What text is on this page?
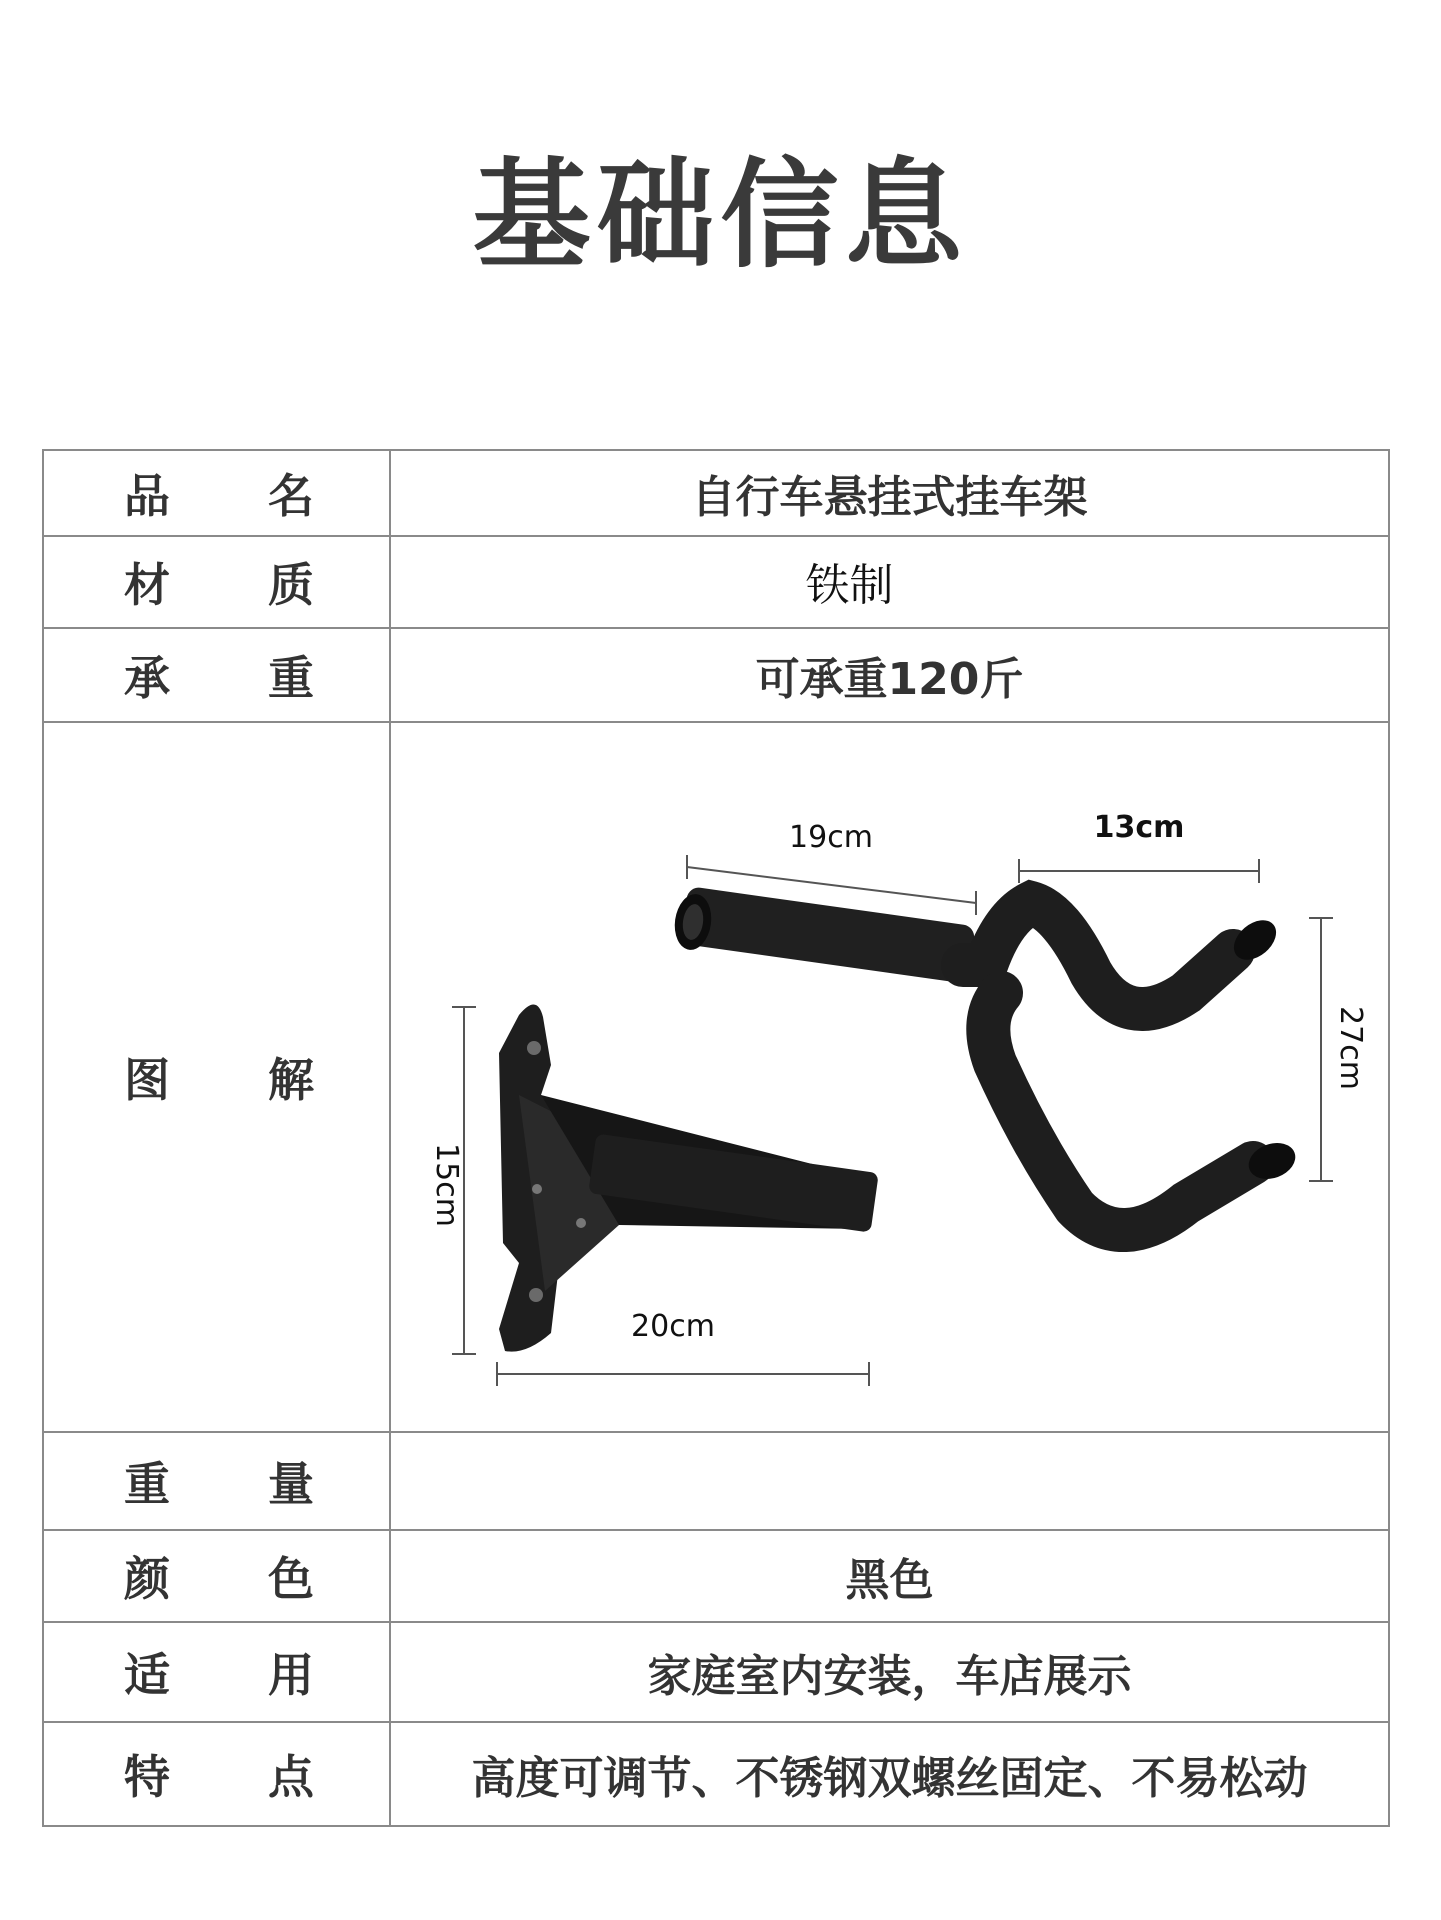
基础信息
品 名	自行车悬挂式挂车架

材 质	铁制

承 重	可承重120斤

图 解	19cm 13cm
27cm
15cm
20cm

重 量	

颜 色	黑色

适 用	家庭室内安装，车店展示

特 点	高度可调节、不锈钢双螺丝固定、不易松动
